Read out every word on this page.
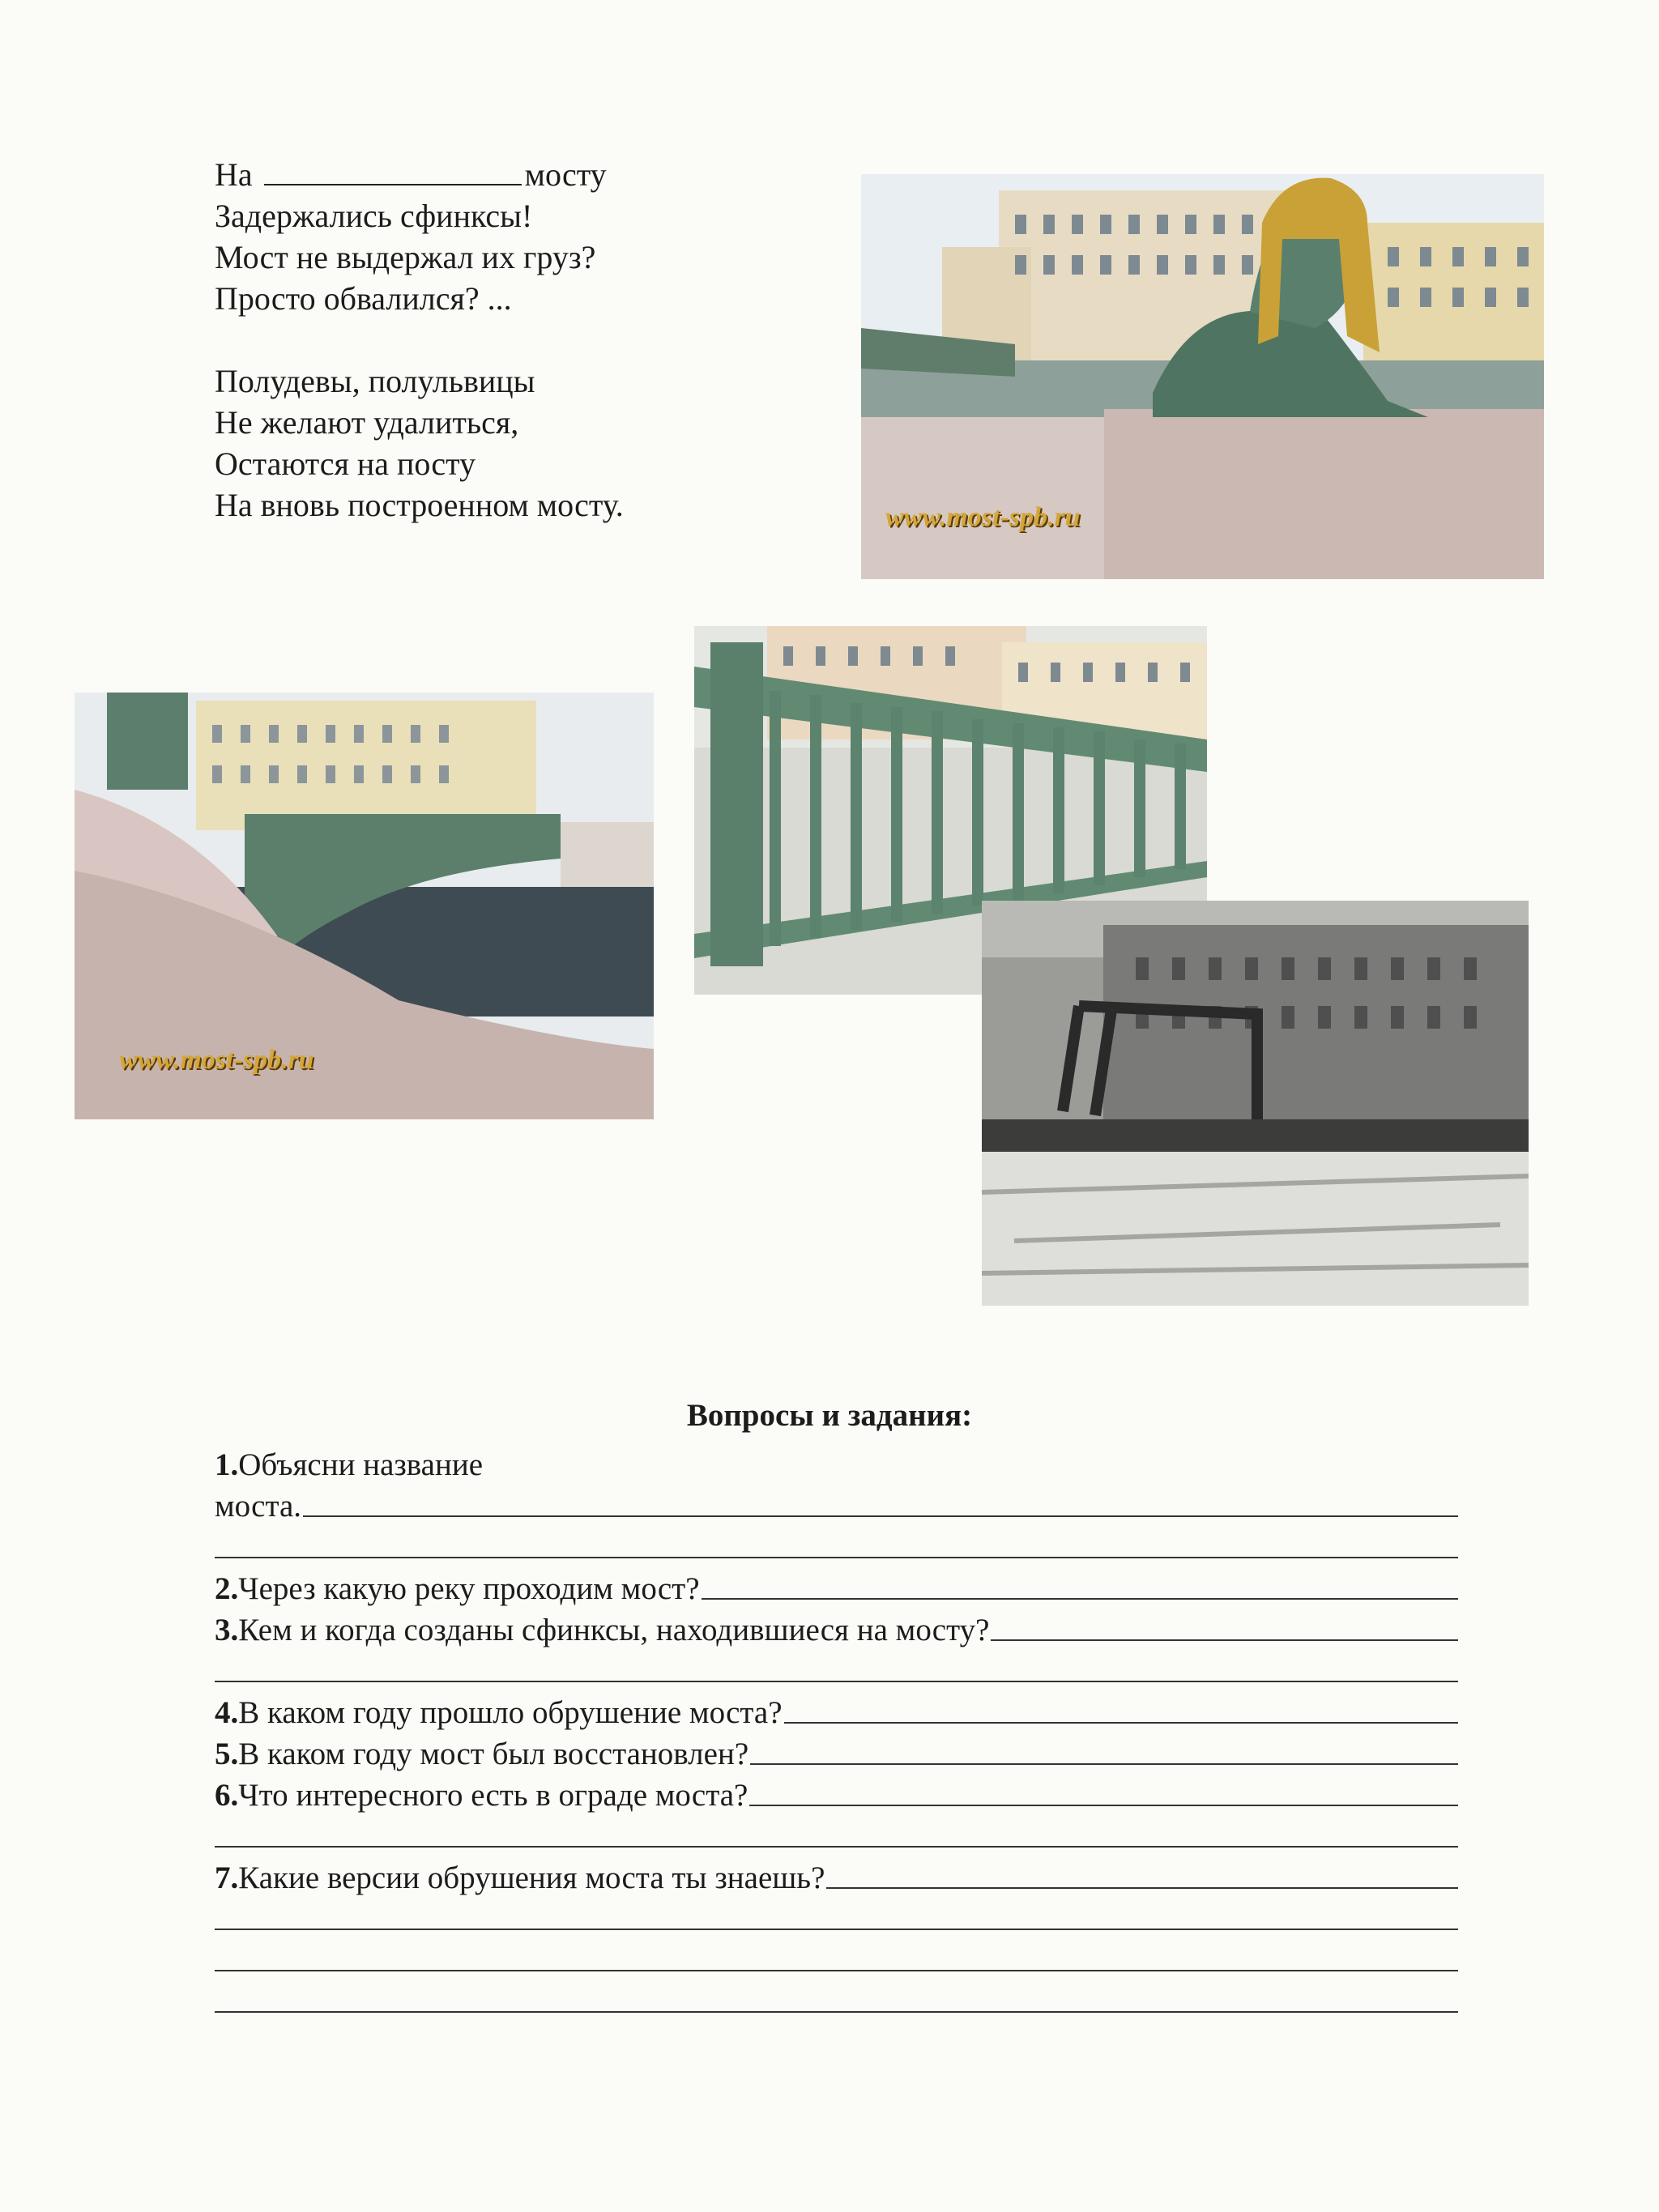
На	мосту
Задержались сфинксы!
Мост не выдержал их груз?
Просто обвалился? ...
Полудевы, полульвицы
Не желают удалиться,
Остаются на посту
На вновь построенном мосту.	www.most-spb.ru
www.most-spb.ru
Вопросы и задания:
1.Объясни название
моста.
2.Через какую реку проходим мост?
3.Кем и когда созданы сфинксы, находившиеся на мосту?
4.В каком году прошло обрушение моста?
5.В каком году мост был восстановлен?
6.Что интересного есть в ограде моста?
7.Какие версии обрушения моста ты знаешь?
